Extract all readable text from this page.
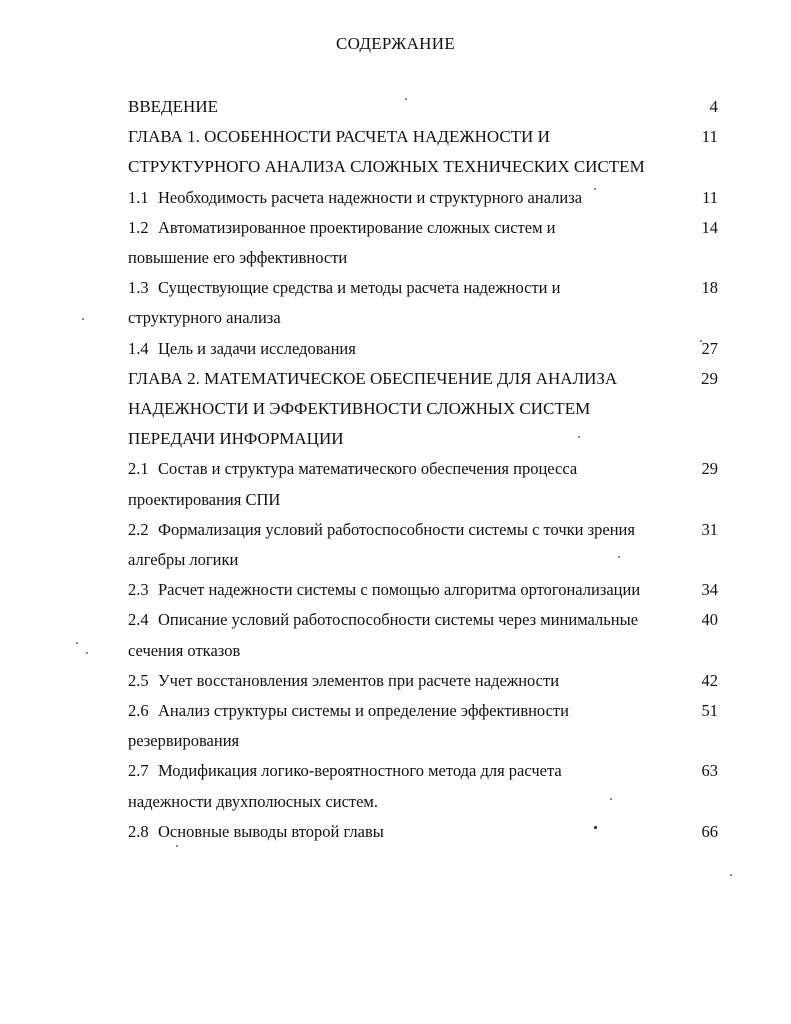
СОДЕРЖАНИЕ
ВВЕДЕНИЕ	4
ГЛАВА 1. ОСОБЕННОСТИ РАСЧЕТА НАДЕЖНОСТИ И
СТРУКТУРНОГО АНАЛИЗА СЛОЖНЫХ ТЕХНИЧЕСКИХ СИСТЕМ
11
1.1 Необходимость расчета надежности и структурного анализа	11
1.2 Автоматизированное проектирование сложных систем и
повышение его эффективности
14
1.3 Существующие средства и методы расчета надежности и
структурного анализа
18
1.4 Цель и задачи исследования	27
ГЛАВА 2. МАТЕМАТИЧЕСКОЕ ОБЕСПЕЧЕНИЕ ДЛЯ АНАЛИЗА
НАДЕЖНОСТИ И ЭФФЕКТИВНОСТИ СЛОЖНЫХ СИСТЕМ
ПЕРЕДАЧИ ИНФОРМАЦИИ
29
2.1 Состав и структура математического обеспечения процесса
проектирования СПИ
29
2.2 Формализация условий работоспособности системы с точки зрения
алгебры логики
31
2.3 Расчет надежности системы с помощью алгоритма ортогонализации	34
2.4 Описание условий работоспособности системы через минимальные
сечения отказов
40
2.5 Учет восстановления элементов при расчете надежности	42
2.6 Анализ структуры системы и определение эффективности
резервирования
51
2.7 Модификация логико-вероятностного метода для расчета
надежности двухполюсных систем.
63
2.8 Основные выводы второй главы	66
